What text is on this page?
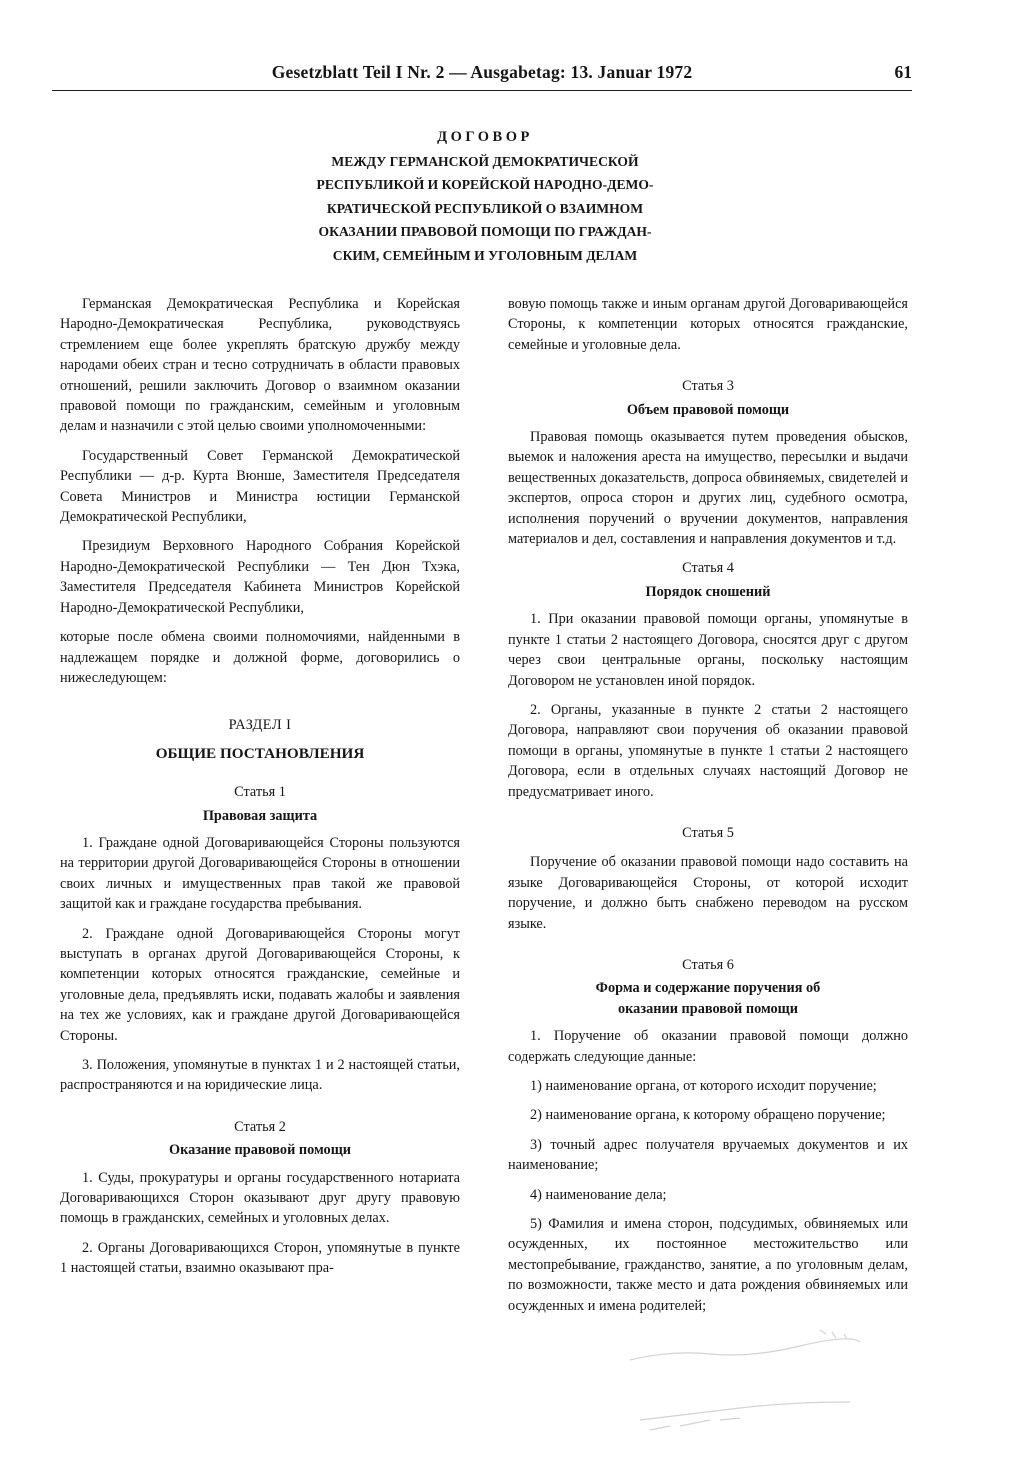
Gesetzblatt Teil I Nr. 2 — Ausgabetag: 13. Januar 1972	61
ДОГОВОР
МЕЖДУ ГЕРМАНСКОЙ ДЕМОКРАТИЧЕСКОЙ
РЕСПУБЛИКОЙ И КОРЕЙСКОЙ НАРОДНО-ДЕМО-
КРАТИЧЕСКОЙ РЕСПУБЛИКОЙ О ВЗАИМНОМ
ОКАЗАНИИ ПРАВОВОЙ ПОМОЩИ ПО ГРАЖДАН-
СКИМ, СЕМЕЙНЫМ И УГОЛОВНЫМ ДЕЛАМ

Германская Демократическая Республика и Корейская Народно-Демократическая Республика, руководствуясь стремлением еще более укреплять братскую дружбу между народами обеих стран и тесно сотрудничать в области правовых отношений, решили заключить Договор о взаимном оказании правовой помощи по гражданским, семейным и уголовным делам и назначили с этой целью своими уполномоченными:

Государственный Совет Германской Демократической Республики — д-р. Курта Вюнше, Заместителя Председателя Совета Министров и Министра юстиции Германской Демократической Республики,

Президиум Верховного Народного Собрания Корейской Народно-Демократической Республики — Тен Дюн Тхэка, Заместителя Председателя Кабинета Министров Корейской Народно-Демократической Республики,

которые после обмена своими полномочиями, найденными в надлежащем порядке и должной форме, договорились о нижеследующем:

РАЗДЕЛ I
ОБЩИЕ ПОСТАНОВЛЕНИЯ
Статья 1
Правовая защита

1. Граждане одной Договаривающейся Стороны пользуются на территории другой Договаривающейся Стороны в отношении своих личных и имущественных прав такой же правовой защитой как и граждане государства пребывания.

2. Граждане одной Договаривающейся Стороны могут выступать в органах другой Договаривающейся Стороны, к компетенции которых относятся гражданские, семейные и уголовные дела, предъявлять иски, подавать жалобы и заявления на тех же условиях, как и граждане другой Договаривающейся Стороны.

3. Положения, упомянутые в пунктах 1 и 2 настоящей статьи, распространяются и на юридические лица.

Статья 2
Оказание правовой помощи

1. Суды, прокуратуры и органы государственного нотариата Договаривающихся Сторон оказывают друг другу правовую помощь в гражданских, семейных и уголовных делах.

2. Органы Договаривающихся Сторон, упомянутые в пункте 1 настоящей статьи, взаимно оказывают пра-

вовую помощь также и иным органам другой Договаривающейся Стороны, к компетенции которых относятся гражданские, семейные и уголовные дела.

Статья 3
Объем правовой помощи

Правовая помощь оказывается путем проведения обысков, выемок и наложения ареста на имущество, пересылки и выдачи вещественных доказательств, допроса обвиняемых, свидетелей и экспертов, опроса сторон и других лиц, судебного осмотра, исполнения поручений о вручении документов, направления материалов и дел, составления и направления документов и т.д.

Статья 4
Порядок сношений

1. При оказании правовой помощи органы, упомянутые в пункте 1 статьи 2 настоящего Договора, сносятся друг с другом через свои центральные органы, поскольку настоящим Договором не установлен иной порядок.

2. Органы, указанные в пункте 2 статьи 2 настоящего Договора, направляют свои поручения об оказании правовой помощи в органы, упомянутые в пункте 1 статьи 2 настоящего Договора, если в отдельных случаях настоящий Договор не предусматривает иного.

Статья 5

Поручение об оказании правовой помощи надо составить на языке Договаривающейся Стороны, от которой исходит поручение, и должно быть снабжено переводом на русском языке.

Статья 6
Форма и содержание поручения об
оказании правовой помощи

1. Поручение об оказании правовой помощи должно содержать следующие данные:

1) наименование органа, от которого исходит поручение;

2) наименование органа, к которому обращено поручение;

3) точный адрес получателя вручаемых документов и их наименование;

4) наименование дела;

5) Фамилия и имена сторон, подсудимых, обвиняемых или осужденных, их постоянное местожительство или местопребывание, гражданство, занятие, а по уголовным делам, по возможности, также место и дата рождения обвиняемых или осужденных и имена родителей;
